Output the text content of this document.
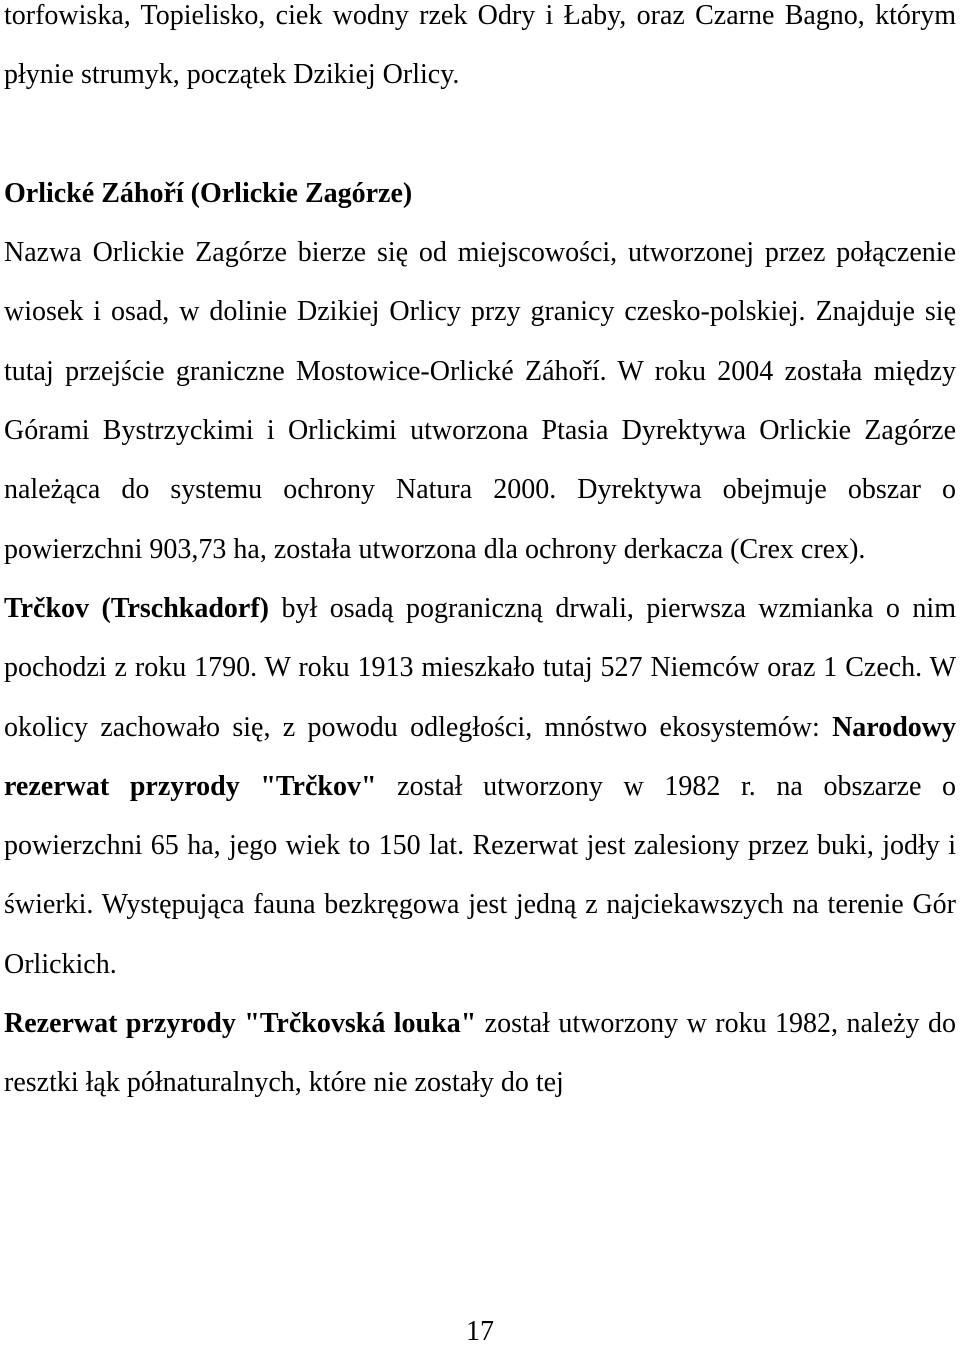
torfowiska, Topielisko, ciek wodny rzek Odry i Łaby, oraz Czarne Bagno, którym płynie strumyk, początek Dzikiej Orlicy.

Orlické Záhoří (Orlickie Zagórze)

Nazwa Orlickie Zagórze bierze się od miejscowości, utworzonej przez połączenie wiosek i osad, w dolinie Dzikiej Orlicy przy granicy czesko-polskiej. Znajduje się tutaj przejście graniczne Mostowice-Orlické Záhoří. W roku 2004 została między Górami Bystrzyckimi i Orlickimi utworzona Ptasia Dyrektywa Orlickie Zagórze należąca do systemu ochrony Natura 2000. Dyrektywa obejmuje obszar o powierzchni 903,73 ha, została utworzona dla ochrony derkacza (Crex crex).

Trčkov (Trschkadorf) był osadą pograniczną drwali, pierwsza wzmianka o nim pochodzi z roku 1790. W roku 1913 mieszkało tutaj 527 Niemców oraz 1 Czech. W okolicy zachowało się, z powodu odległości, mnóstwo ekosystemów: Narodowy rezerwat przyrody "Trčkov" został utworzony w 1982 r. na obszarze o powierzchni 65 ha, jego wiek to 150 lat. Rezerwat jest zalesiony przez buki, jodły i świerki. Występująca fauna bezkręgowa jest jedną z najciekawszych na terenie Gór Orlickich.

Rezerwat przyrody "Trčkovská louka" został utworzony w roku 1982, należy do resztki łąk półnaturalnych, które nie zostały do tej

17
